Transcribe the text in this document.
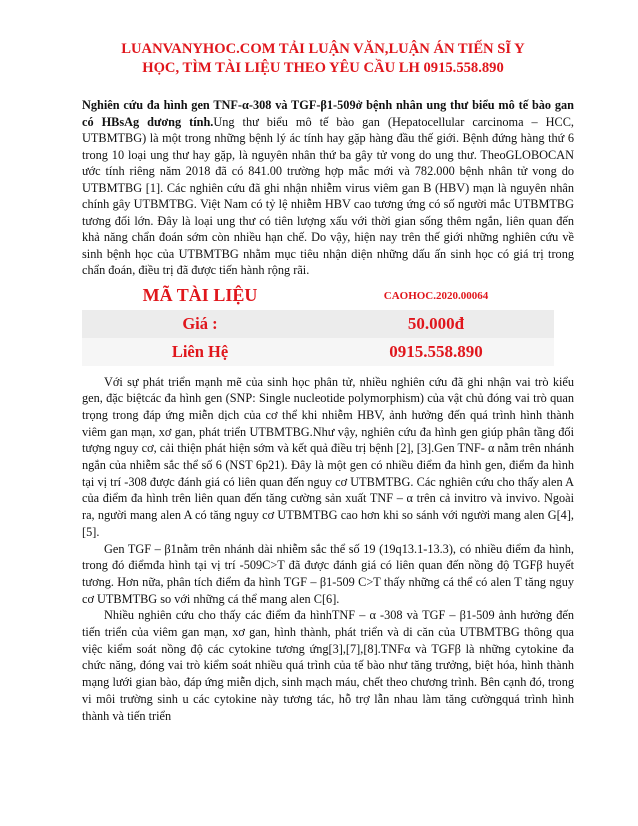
LUANVANYHOC.COM TẢI LUẬN VĂN,LUẬN ÁN TIẾN SĨ Y
HỌC, TÌM TÀI LIỆU THEO YÊU CẦU LH 0915.558.890
Nghiên cứu đa hình gen TNF-α-308 và TGF-β1-509ở bệnh nhân ung thư biểu mô tế bào gan có HBsAg dương tính.Ung thư biểu mô tế bào gan (Hepatocellular carcinoma – HCC, UTBMTBG) là một trong những bệnh lý ác tính hay gặp hàng đầu thế giới. Bệnh đứng hàng thứ 6 trong 10 loại ung thư hay gặp, là nguyên nhân thứ ba gây tử vong do ung thư. TheoGLOBOCAN ước tính riêng năm 2018 đã có 841.00 trường hợp mắc mới và 782.000 bệnh nhân tử vong do UTBMTBG [1]. Các nghiên cứu đã ghi nhận nhiễm virus viêm gan B (HBV) mạn là nguyên nhân chính gây UTBMTBG. Việt Nam có tỷ lệ nhiễm HBV cao tương ứng có số người mắc UTBMTBG tương đối lớn. Đây là loại ung thư có tiên lượng xấu với thời gian sống thêm ngắn, liên quan đến khả năng chẩn đoán sớm còn nhiều hạn chế. Do vậy, hiện nay trên thế giới những nghiên cứu về sinh bệnh học của UTBMTBG nhằm mục tiêu nhận diện những dấu ấn sinh học có giá trị trong chẩn đoán, điều trị đã được tiến hành rộng rãi.
MÃ TÀI LIỆU	CAOHOC.2020.00064
Giá :	50.000đ
Liên Hệ	0915.558.890

Với sự phát triển mạnh mẽ của sinh học phân tử, nhiều nghiên cứu đã ghi nhận vai trò kiểu gen, đặc biệtcác đa hình gen (SNP: Single nucleotide polymorphism) của vật chủ đóng vai trò quan trọng trong đáp ứng miễn dịch của cơ thể khi nhiễm HBV, ảnh hưởng đến quá trình hình thành viêm gan mạn, xơ gan, phát triển UTBMTBG.Như vậy, nghiên cứu đa hình gen giúp phân tầng đối tượng nguy cơ, cải thiện phát hiện sớm và kết quả điều trị bệnh [2], [3].Gen TNF- α nằm trên nhánh ngắn của nhiễm sắc thể số 6 (NST 6p21). Đây là một gen có nhiều điểm đa hình gen, điểm đa hình tại vị trí -308 được đánh giá có liên quan đến nguy cơ UTBMTBG. Các nghiên cứu cho thấy alen A của điểm đa hình trên liên quan đến tăng cường sản xuất TNF – α trên cả invitro và invivo. Ngoài ra, người mang alen A có tăng nguy cơ UTBMTBG cao hơn khi so sánh với người mang alen G[4], [5].

Gen TGF – β1nằm trên nhánh dài nhiễm sắc thể số 19 (19q13.1-13.3), có nhiều điểm đa hình, trong đó điểmđa hình tại vị trí -509C>T đã được đánh giá có liên quan đến nồng độ TGFβ huyết tương. Hơn nữa, phân tích điểm đa hình TGF – β1-509 C>T thấy những cá thể có alen T tăng nguy cơ UTBMTBG so với những cá thể mang alen C[6].

Nhiều nghiên cứu cho thấy các điểm đa hìnhTNF – α -308 và TGF – β1-509 ảnh hưởng đến tiến triển của viêm gan mạn, xơ gan, hình thành, phát triển và di căn của UTBMTBG thông qua việc kiểm soát nồng độ các cytokine tương ứng[3],[7],[8].TNFα và TGFβ là những cytokine đa chức năng, đóng vai trò kiểm soát nhiều quá trình của tế bào như tăng trưởng, biệt hóa, hình thành mạng lưới gian bào, đáp ứng miễn dịch, sinh mạch máu, chết theo chương trình. Bên cạnh đó, trong vi môi trường sinh u các cytokine này tương tác, hỗ trợ lẫn nhau làm tăng cườngquá trình hình thành và tiến triển
